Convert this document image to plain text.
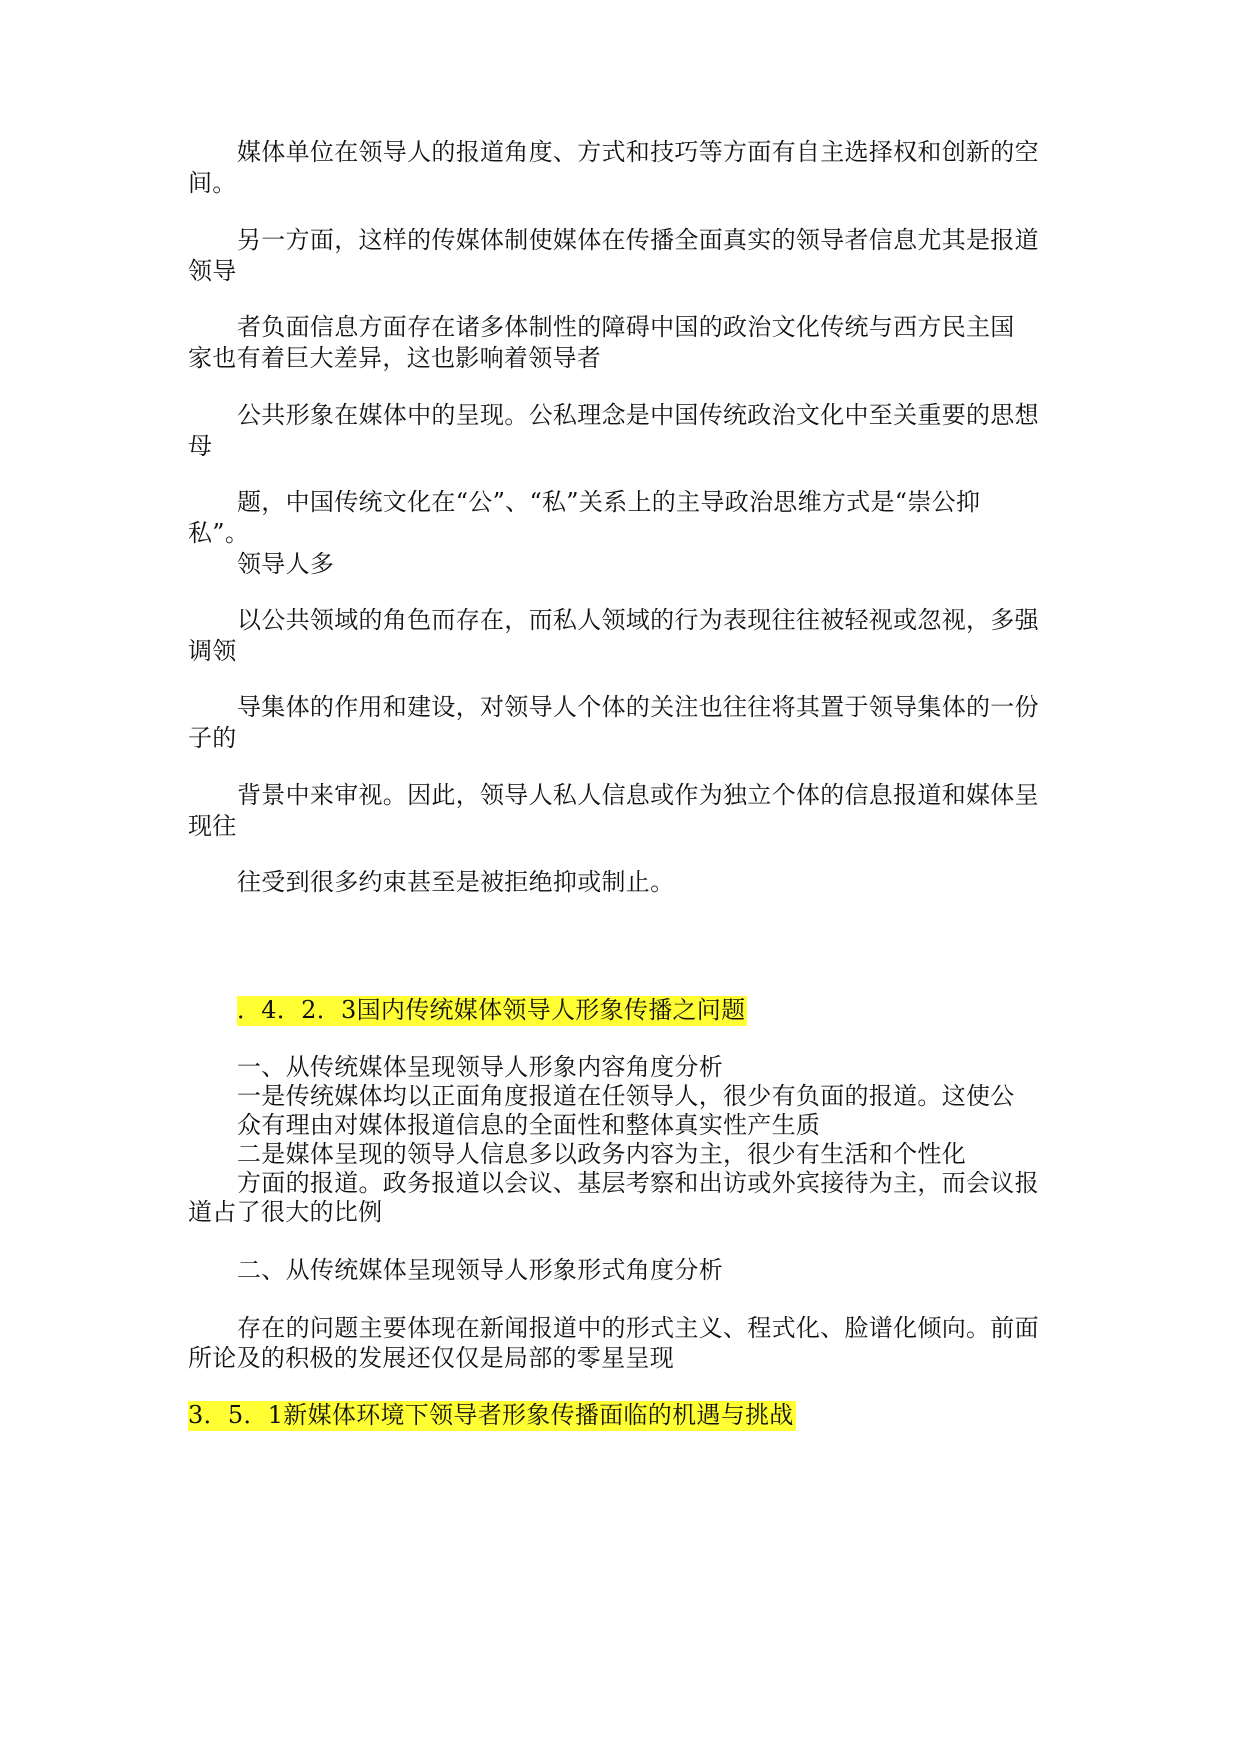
媒体单位在领导人的报道角度、方式和技巧等方面有自主选择权和创新的空
间。
另一方面，这样的传媒体制使媒体在传播全面真实的领导者信息尤其是报道
领导
者负面信息方面存在诸多体制性的障碍中国的政治文化传统与西方民主国
家也有着巨大差异，这也影响着领导者
公共形象在媒体中的呈现。公私理念是中国传统政治文化中至关重要的思想
母
题，中国传统文化在“公”、“私”关系上的主导政治思维方式是“崇公抑
私”。
领导人多
以公共领域的角色而存在，而私人领域的行为表现往往被轻视或忽视，多强
调领
导集体的作用和建设，对领导人个体的关注也往往将其置于领导集体的一份
子的
背景中来审视。因此，领导人私人信息或作为独立个体的信息报道和媒体呈
现往
往受到很多约束甚至是被拒绝抑或制止。
．4．2．3国内传统媒体领导人形象传播之问题
一、从传统媒体呈现领导人形象内容角度分析
一是传统媒体均以正面角度报道在任领导人，很少有负面的报道。这使公
众有理由对媒体报道信息的全面性和整体真实性产生质
二是媒体呈现的领导人信息多以政务内容为主，很少有生活和个性化
方面的报道。政务报道以会议、基层考察和出访或外宾接待为主，而会议报
道占了很大的比例
二、从传统媒体呈现领导人形象形式角度分析
存在的问题主要体现在新闻报道中的形式主义、程式化、脸谱化倾向。前面
所论及的积极的发展还仅仅是局部的零星呈现
3．5．1新媒体环境下领导者形象传播面临的机遇与挑战
